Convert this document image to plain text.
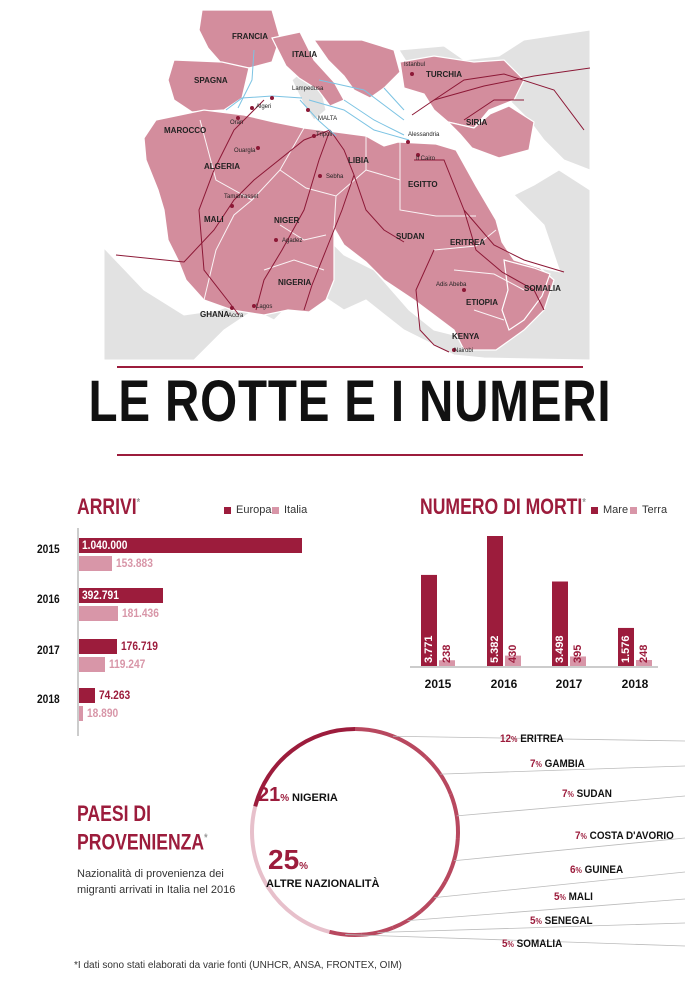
FRANCIA
ITALIA
SPAGNA
TURCHIA
MAROCCO
SIRIA
ALGERIA
LIBIA
EGITTO
MALI	NIGER
SUDAN
ERITREA
NIGERIA
SOMALIA
ETIOPIA
GHANA
KENYA
Istanbul
Lampedusa
Algeri
Oran
MALTA
Tripoli	Alessandria
Ouargla
Il Cairo
Sebha
Tamanrasset
Agadez
Adis Abeba
Accra
Lagos
Nairobi
LE ROTTE E I NUMERI
ARRIVI*
Europa Italia
2015 1.040.000
153.883
2016 392.791
181.436
2017	176.719
119.247
2018	74.263
18.890
NUMERO DI MORTI*
Mare Terra
3.771 238
2015
5.382 430
2016
3.498 395
2017
1.576 248
2018
PAESI DI
PROVENIENZA*
Nazionalità di provenienza dei migranti arrivati in Italia nel 2016
12% ERITREA
7% GAMBIA
7% SUDAN
7% COSTA D'AVORIO
6% GUINEA
5% MALI
5% SENEGAL
5% SOMALIA
21% NIGERIA
25%
ALTRE NAZIONALITÀ
*I dati sono stati elaborati da varie fonti (UNHCR, ANSA, FRONTEX, OIM)
